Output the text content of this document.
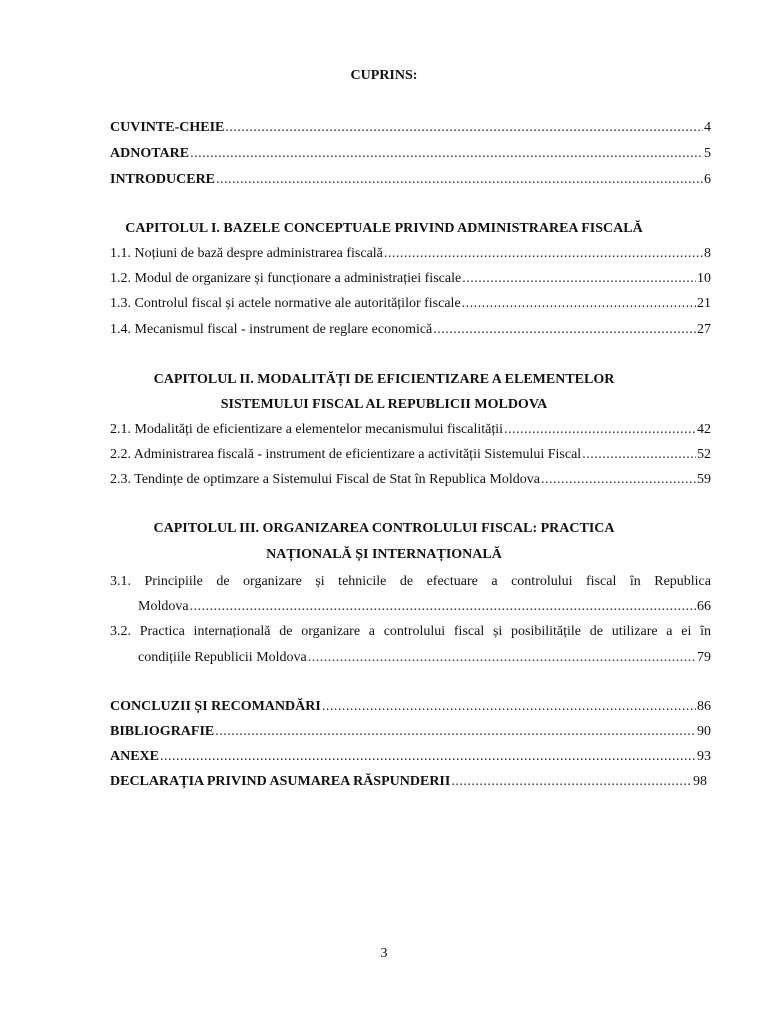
CUPRINS:
CUVINTE-CHEIE .....	4
ADNOTARE .....	5
INTRODUCERE .....	6
CAPITOLUL I. BAZELE CONCEPTUALE PRIVIND ADMINISTRAREA FISCALĂ
1.1. Noțiuni de bază despre administrarea fiscală .....	8
1.2. Modul de organizare și funcționare a administrației fiscale .....	10
1.3. Controlul fiscal și actele normative ale autorităților fiscale .....	21
1.4. Mecanismul fiscal - instrument de reglare economică .....	27
CAPITOLUL II. MODALITĂȚI DE EFICIENTIZARE A ELEMENTELOR
SISTEMULUI FISCAL AL REPUBLICII MOLDOVA
2.1. Modalități de eficientizare a elementelor mecanismului fiscalității .....	42
2.2. Administrarea fiscală - instrument de eficientizare a activității Sistemului Fiscal .....	52
2.3. Tendințe de optimzare a Sistemului Fiscal de Stat în Republica Moldova .....	59
CAPITOLUL III. ORGANIZAREA CONTROLULUI FISCAL: PRACTICA
NAȚIONALĂ ȘI INTERNAȚIONALĂ
3.1. Principiile de organizare și tehnicile de efectuare a controlului fiscal în Republica
Moldova .....	66
3.2. Practica internațională de organizare a controlului fiscal și posibilitățile de utilizare a ei în
condițiile Republicii Moldova .....	79
CONCLUZII ȘI RECOMANDĂRI .....	86
BIBLIOGRAFIE .....	90
ANEXE .....	93
DECLARAȚIA PRIVIND ASUMAREA RĂSPUNDERII .....	98
3
